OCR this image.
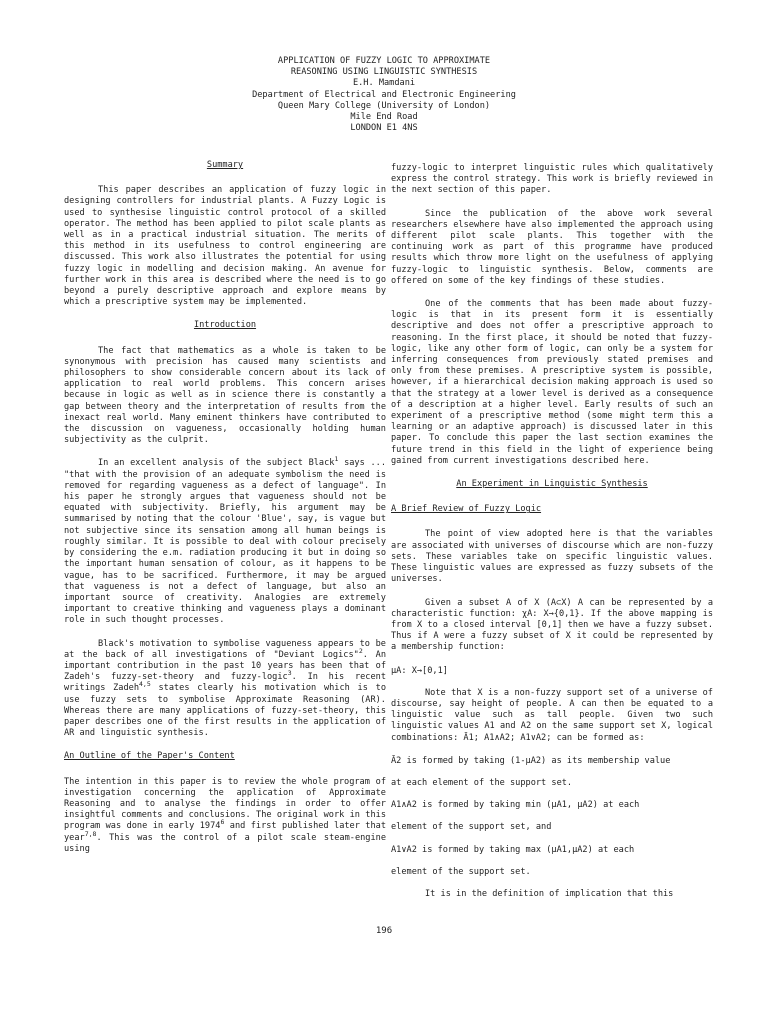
APPLICATION OF FUZZY LOGIC TO APPROXIMATE
REASONING USING LINGUISTIC SYNTHESIS
E.H. Mamdani
Department of Electrical and Electronic Engineering
Queen Mary College (University of London)
Mile End Road
LONDON E1 4NS
Summary

This paper describes an application of fuzzy logic in designing controllers for industrial plants. A Fuzzy Logic is used to synthesise linguistic control protocol of a skilled operator. The method has been applied to pilot scale plants as well as in a practical industrial situation. The merits of this method in its usefulness to control engineering are discussed. This work also illustrates the potential for using fuzzy logic in modelling and decision making. An avenue for further work in this area is described where the need is to go beyond a purely descriptive approach and explore means by which a prescriptive system may be implemented.

Introduction

The fact that mathematics as a whole is taken to be synonymous with precision has caused many scientists and philosophers to show considerable concern about its lack of application to real world problems. This concern arises because in logic as well as in science there is constantly a gap between theory and the interpretation of results from the inexact real world. Many eminent thinkers have contributed to the discussion on vagueness, occasionally holding human subjectivity as the culprit.

In an excellent analysis of the subject Black$^1$ says ... "that with the provision of an adequate symbolism the need is removed for regarding vagueness as a defect of language". In his paper he strongly argues that vagueness should not be equated with subjectivity. Briefly, his argument may be summarised by noting that the colour 'Blue', say, is vague but not subjective since its sensation among all human beings is roughly similar. It is possible to deal with colour precisely by considering the e.m. radiation producing it but in doing so the important human sensation of colour, as it happens to be vague, has to be sacrificed. Furthermore, it may be argued that vagueness is not a defect of language, but also an important source of creativity. Analogies are extremely important to creative thinking and vagueness plays a dominant role in such thought processes.

Black's motivation to symbolise vagueness appears to be at the back of all investigations of "Deviant Logics"$^2$. An important contribution in the past 10 years has been that of Zadeh's fuzzy-set-theory and fuzzy-logic$^3$. In his recent writings Zadeh$^{4,5}$ states clearly his motivation which is to use fuzzy sets to symbolise Approximate Reasoning (AR). Whereas there are many applications of fuzzy-set-theory, this paper describes one of the first results in the application of AR and linguistic synthesis.

An Outline of the Paper's Content

The intention in this paper is to review the whole program of investigation concerning the application of Approximate Reasoning and to analyse the findings in order to offer insightful comments and conclusions. The original work in this program was done in early 1974$^6$ and first published later that year$^{7,8}$. This was the control of a pilot scale steam-engine using

fuzzy-logic to interpret linguistic rules which qualitatively express the control strategy. This work is briefly reviewed in the next section of this paper.

Since the publication of the above work several researchers elsewhere have also implemented the approach using different pilot scale plants. This together with the continuing work as part of this programme have produced results which throw more light on the usefulness of applying fuzzy-logic to linguistic synthesis. Below, comments are offered on some of the key findings of these studies.

One of the comments that has been made about fuzzy-logic is that in its present form it is essentially descriptive and does not offer a prescriptive approach to reasoning. In the first place, it should be noted that fuzzy-logic, like any other form of logic, can only be a system for inferring consequences from previously stated premises and only from these premises. A prescriptive system is possible, however, if a hierarchical decision making approach is used so that the strategy at a lower level is derived as a consequence of a description at a higher level. Early results of such an experiment of a prescriptive method (some might term this a learning or an adaptive approach) is discussed later in this paper. To conclude this paper the last section examines the future trend in this field in the light of experience being gained from current investigations described here.

An Experiment in Linguistic Synthesis
A Brief Review of Fuzzy Logic

The point of view adopted here is that the variables are associated with universes of discourse which are non-fuzzy sets. These variables take on specific linguistic values. These linguistic values are expressed as fuzzy subsets of the universes.

Given a subset A of X (A⊂X) A can be represented by a characteristic function: χA: X→{0,1}. If the above mapping is from X to a closed interval [0,1] then we have a fuzzy subset. Thus if A were a fuzzy subset of X it could be represented by a membership function:

μA: X→[0,1]

Note that X is a non-fuzzy support set of a universe of discourse, say height of people. A can then be equated to a linguistic value such as tall people. Given two such linguistic values A1 and A2 on the same support set X, logical combinations: Ā1; A1∧A2; A1∨A2; can be formed as:

Ā2 is formed by taking (1-μA2) as its membership value
at each element of the support set.
A1∧A2 is formed by taking min (μA1, μA2) at each
element of the support set, and
A1∨A2 is formed by taking max (μA1,μA2) at each
element of the support set.

It is in the definition of implication that this

196
